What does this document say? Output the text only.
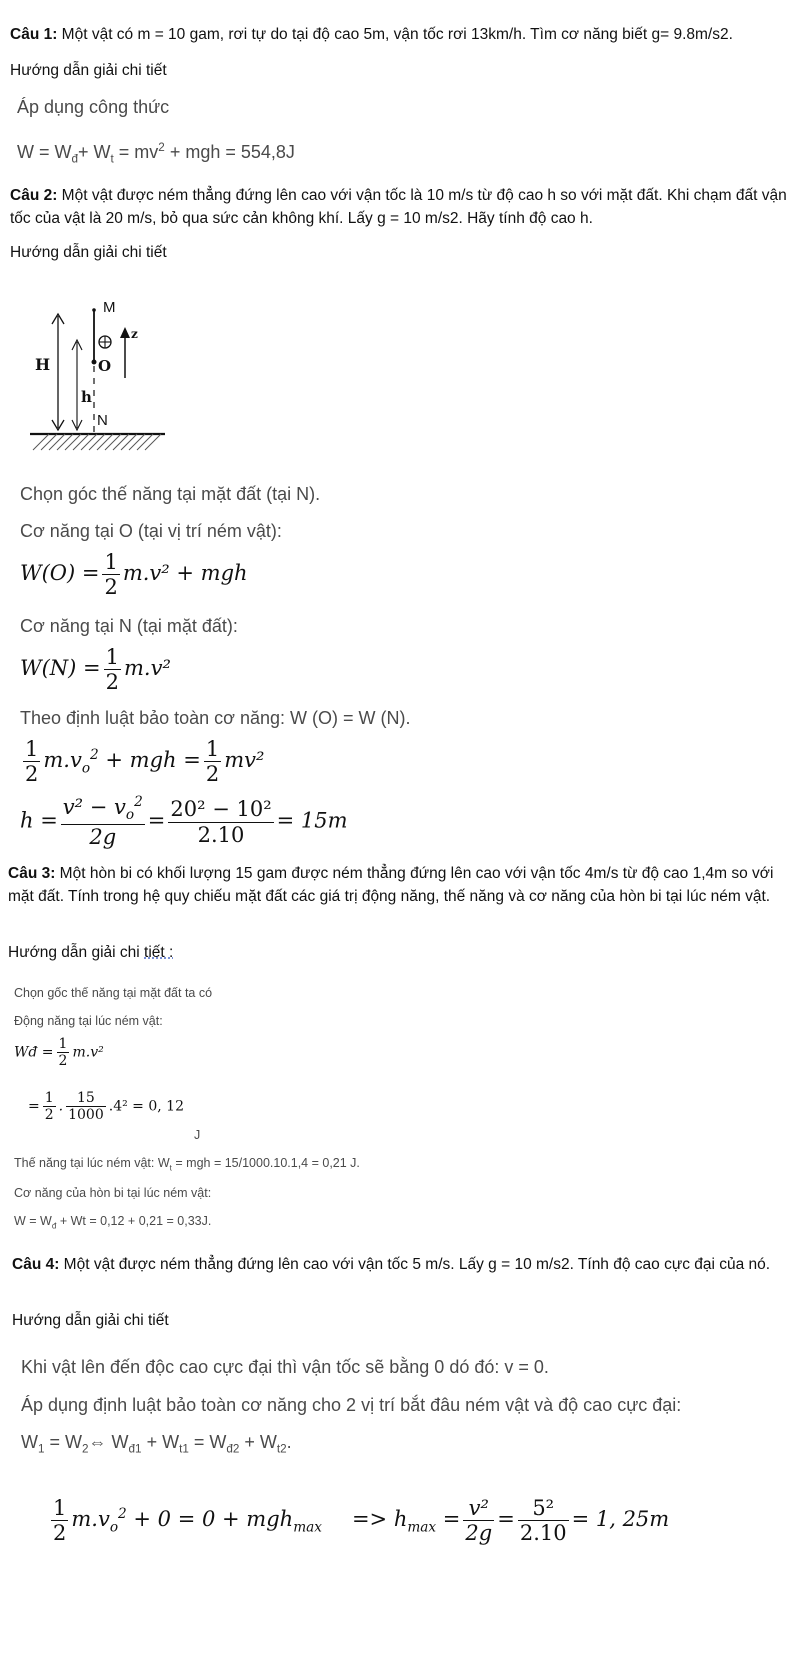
Câu 1: Một vật có m = 10 gam, rơi tự do tại độ cao 5m, vận tốc rơi 13km/h. Tìm cơ năng biết g= 9.8m/s2.
Hướng dẫn giải chi tiết
Áp dụng công thức
$W = W_đ+ W_t = mv^2$ + mgh = 554,8J
Câu 2: Một vật được ném thẳng đứng lên cao với vận tốc là 10 m/s từ độ cao h so với mặt đất. Khi chạm đất vận tốc của vật là 20 m/s, bỏ qua sức cản không khí. Lấy g = 10 m/s2. Hãy tính độ cao h.
Hướng dẫn giải chi tiết
H
M
O
h
N
z
Chọn góc thế năng tại mặt đất (tại N).
Cơ năng tại O (tại vị trí ném vật):
$W(O) = \frac{1}{2} m.v^2$ + mgh
Cơ năng tại N (tại mặt đất):
$W(N) = \frac{1}{2} m.v^2$
Theo định luật bảo toàn cơ năng: W (O) = W (N).
$\frac{1}{2} m.v_o^2$ + mgh = $\frac{1}{2} mv^2$
$h = \frac{v^2 - v_o^2}{2g} = \frac{\text{20² − 10²}}{2.10} = 15m$
Câu 3: Một hòn bi có khối lượng 15 gam được ném thẳng đứng lên cao với vận tốc 4m/s từ độ cao 1,4m so với mặt đất. Tính trong hệ quy chiếu mặt đất các giá trị động năng, thế năng và cơ năng của hòn bi tại lúc ném vật.
Hướng dẫn giải chi tiết :
Chọn gốc thế năng tại mặt đất ta có
Động năng tại lúc ném vật:
Wđ = $\frac{1}{2} m.v^2$
= $\frac{1}{2}$ . $\frac{15}{1000} .4^2 = 0$, 12
J
Thế năng tại lúc ném vật: $W_t$ = mgh = 15/1000.10.1,4 = 0,21 J.
Cơ năng của hòn bi tại lúc ném vật:
$W = W_đ + Wt = 0,12 + 0,21 = 0,33J$.
Câu 4: Một vật được ném thẳng đứng lên cao với vận tốc 5 m/s. Lấy g = 10 m/s2. Tính độ cao cực đại của nó.
Hướng dẫn giải chi tiết
Khi vật lên đến độc cao cực đại thì vận tốc sẽ bằng 0 dó đó: v = 0.
Áp dụng định luật bảo toàn cơ năng cho 2 vị trí bắt đâu ném vật và độ cao cực đại:
$W_1$ = $W_2\Leftrightarrow$ $W_{đ1} + W_{t1} = W_{đ2} + W_{t2}$.
$\frac{1}{2} m.v_o^2 + 0 = 0 + mgh_{max} => h_{max} = \frac{\text{v²}}{2g} = \frac{\text{5²}}{2.10} = 1$, 25m
